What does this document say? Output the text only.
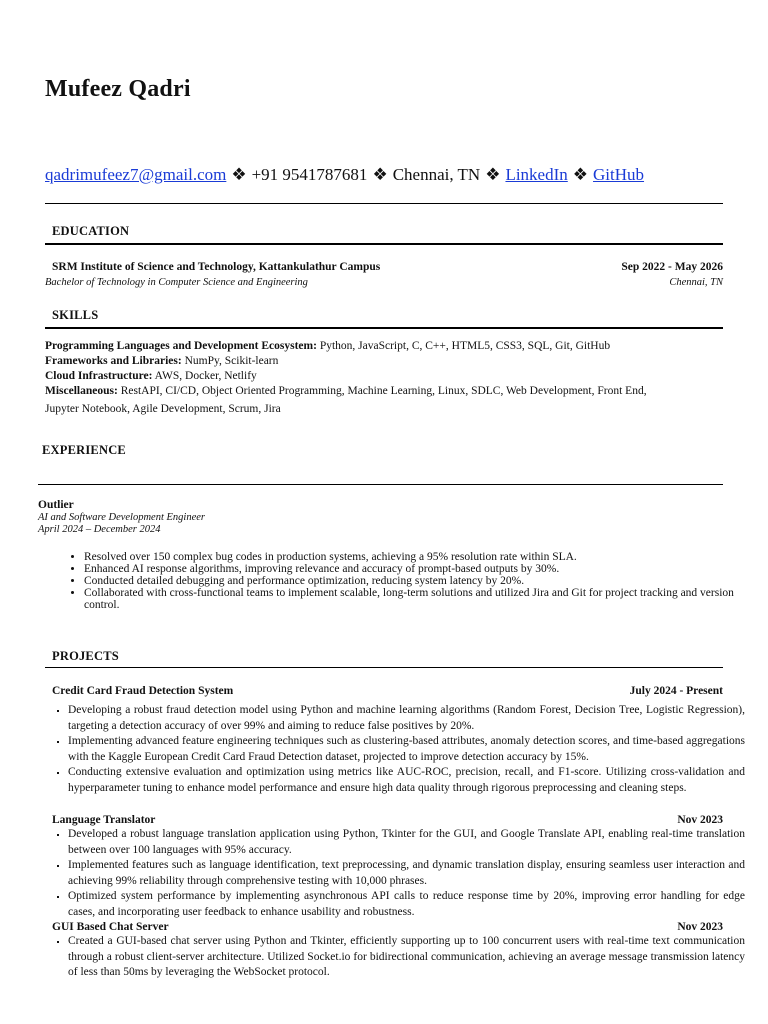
Mufeez Qadri
qadrimufeez7@gmail.com ❖ +91 9541787681 ❖ Chennai, TN ❖ LinkedIn ❖ GitHub
EDUCATION
SRM Institute of Science and Technology, Kattankulathur Campus	Sep 2022 - May 2026
Bachelor of Technology in Computer Science and Engineering	Chennai, TN
SKILLS
Programming Languages and Development Ecosystem: Python, JavaScript, C, C++, HTML5, CSS3, SQL, Git, GitHub
Frameworks and Libraries: NumPy, Scikit-learn
Cloud Infrastructure: AWS, Docker, Netlify
Miscellaneous: RestAPI, CI/CD, Object Oriented Programming, Machine Learning, Linux, SDLC, Web Development, Front End,
Jupyter Notebook, Agile Development, Scrum, Jira
EXPERIENCE
Outlier
AI and Software Development Engineer
April 2024 – December 2024
• Resolved over 150 complex bug codes in production systems, achieving a 95% resolution rate within SLA.
• Enhanced AI response algorithms, improving relevance and accuracy of prompt-based outputs by 30%.
• Conducted detailed debugging and performance optimization, reducing system latency by 20%.
• Collaborated with cross-functional teams to implement scalable, long-term solutions and utilized Jira and Git for project tracking and version control.
PROJECTS
Credit Card Fraud Detection System	July 2024 - Present
▪ Developing a robust fraud detection model using Python and machine learning algorithms (Random Forest, Decision Tree, Logistic Regression), targeting a detection accuracy of over 99% and aiming to reduce false positives by 20%.
▪ Implementing advanced feature engineering techniques such as clustering-based attributes, anomaly detection scores, and time-based aggregations with the Kaggle European Credit Card Fraud Detection dataset, projected to improve detection accuracy by 15%.
▪ Conducting extensive evaluation and optimization using metrics like AUC-ROC, precision, recall, and F1-score. Utilizing cross-validation and hyperparameter tuning to enhance model performance and ensure high data quality through rigorous preprocessing and cleaning steps.
Language Translator	Nov 2023
▪ Developed a robust language translation application using Python, Tkinter for the GUI, and Google Translate API, enabling real-time translation between over 100 languages with 95% accuracy.
▪ Implemented features such as language identification, text preprocessing, and dynamic translation display, ensuring seamless user interaction and achieving 99% reliability through comprehensive testing with 10,000 phrases.
▪ Optimized system performance by implementing asynchronous API calls to reduce response time by 20%, improving error handling for edge cases, and incorporating user feedback to enhance usability and robustness.
GUI Based Chat Server	Nov 2023
▪ Created a GUI-based chat server using Python and Tkinter, efficiently supporting up to 100 concurrent users with real-time text communication through a robust client-server architecture. Utilized Socket.io for bidirectional communication, achieving an average message transmission latency of less than 50ms by leveraging the WebSocket protocol.
